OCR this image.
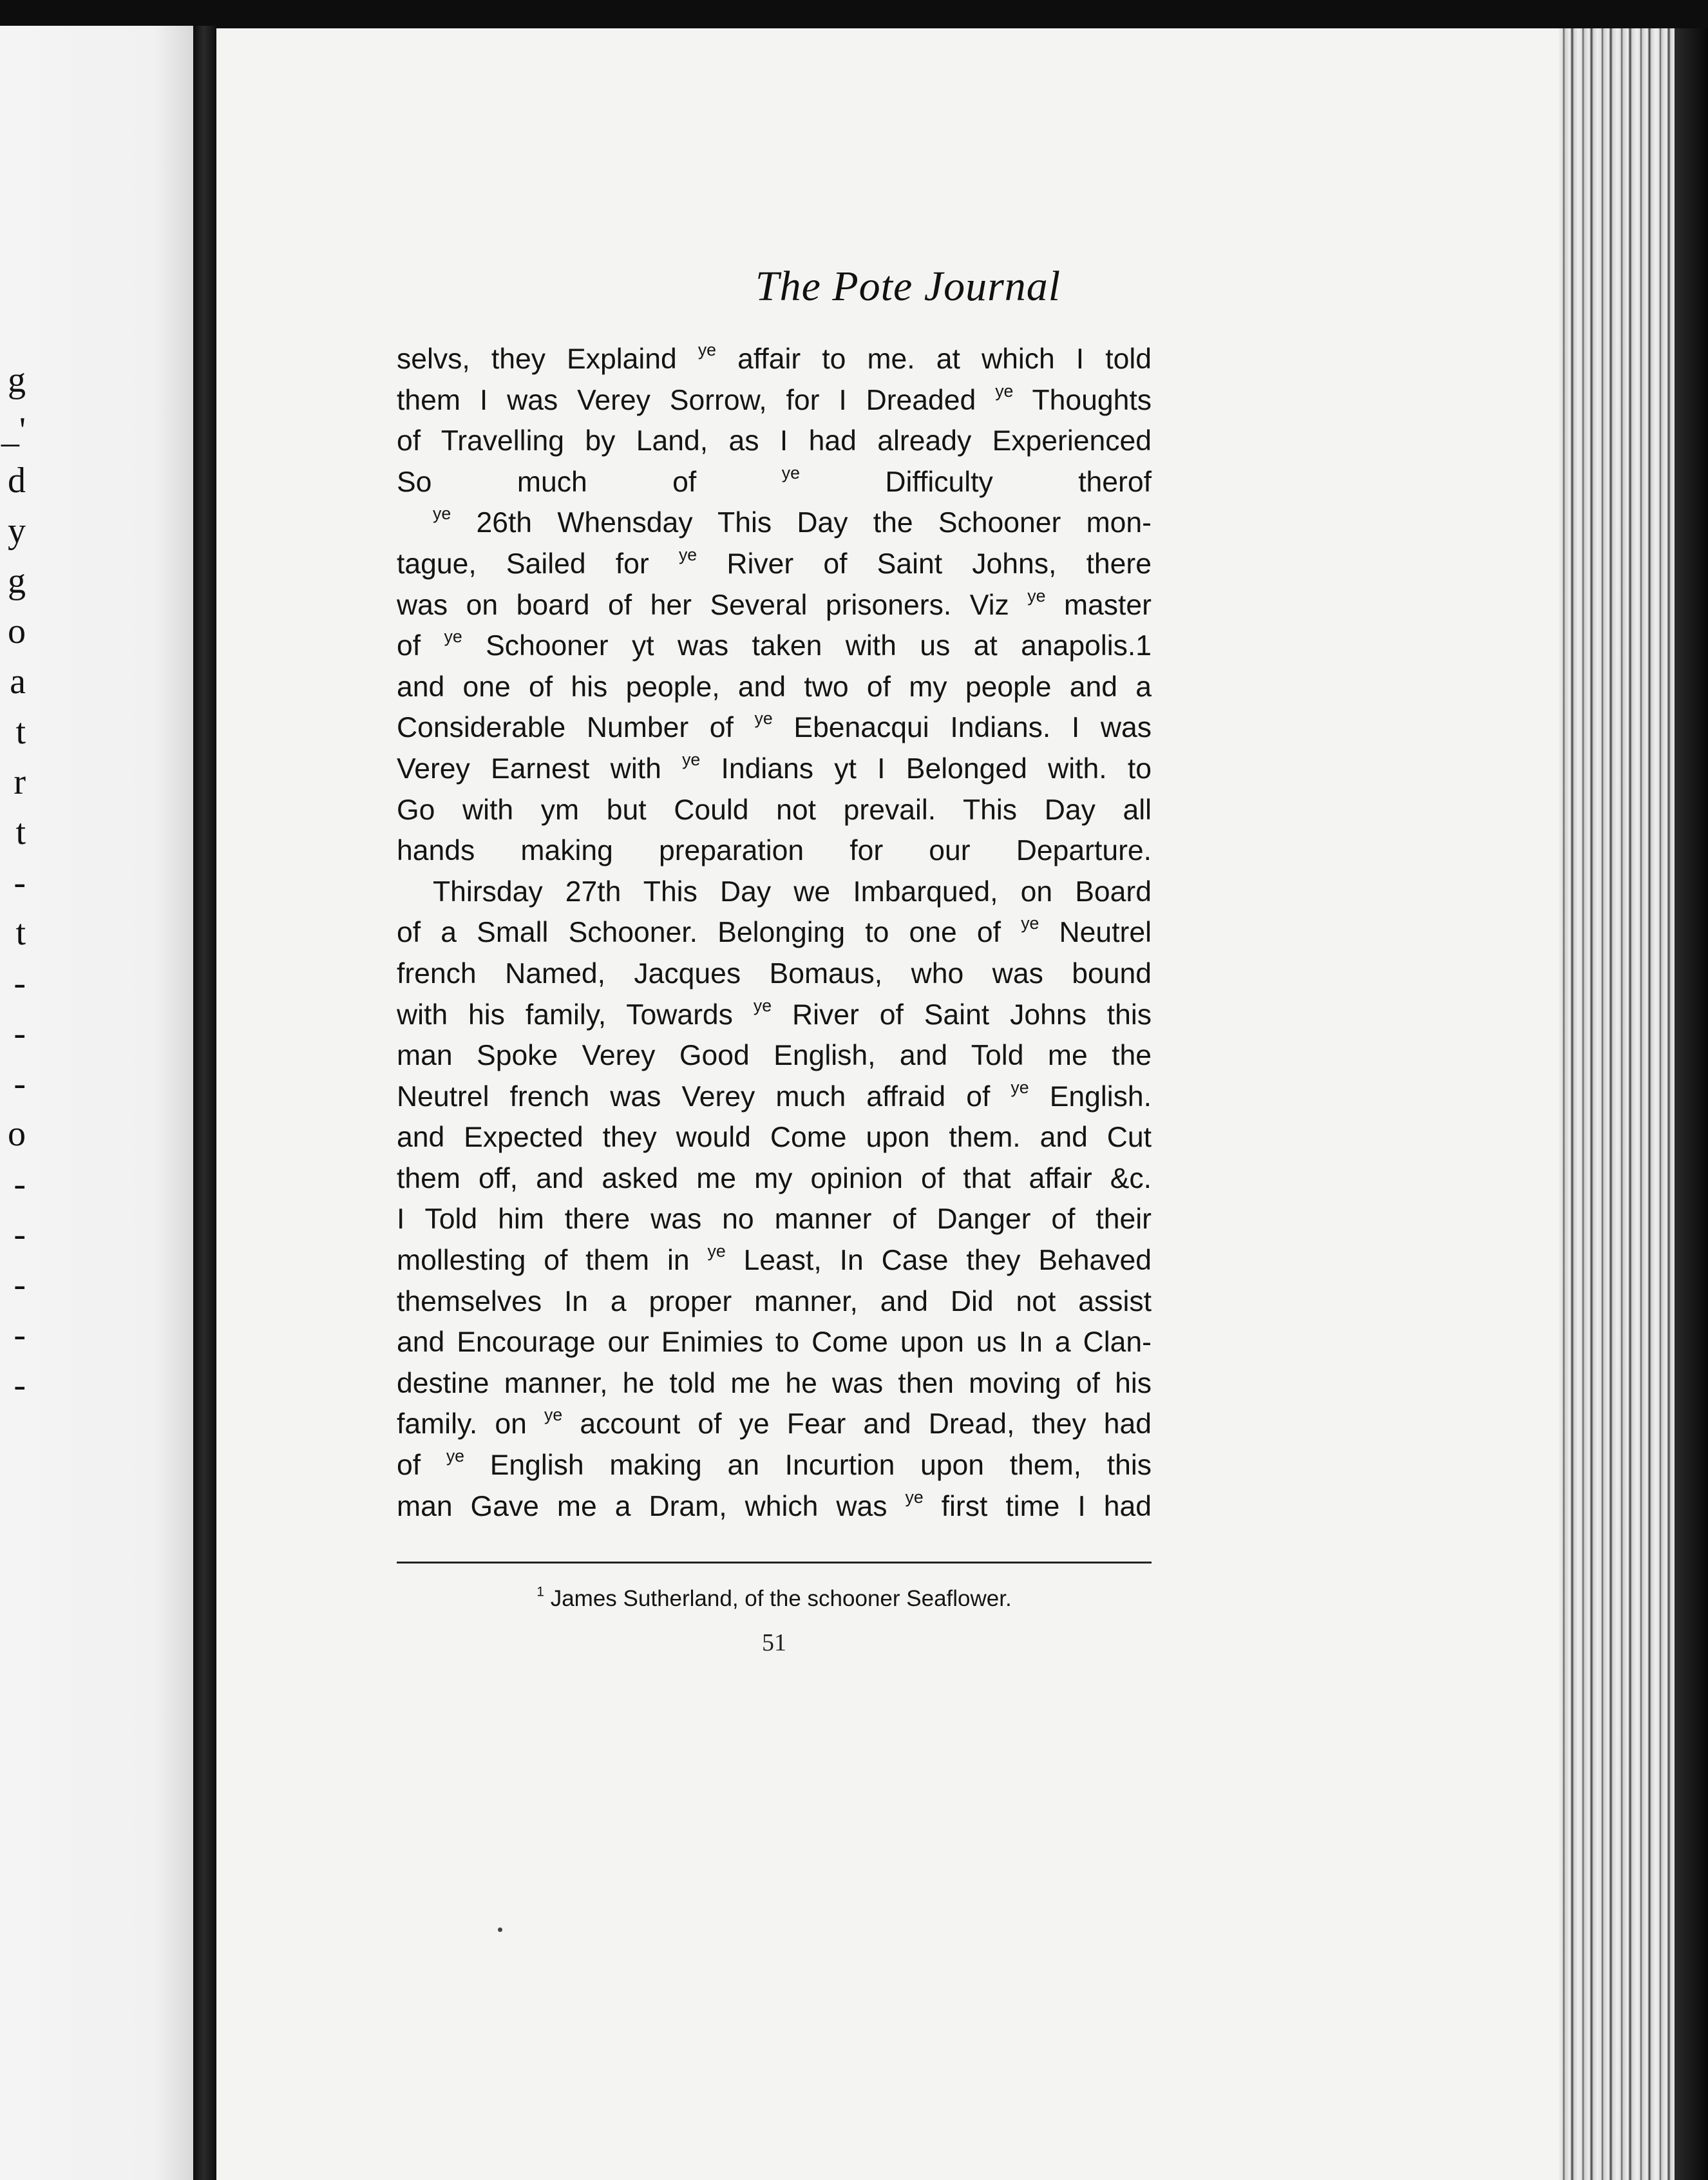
g
_'
d
y
g
o
a
t
r
t
-
t
-
-
-
o
-
-
-
-
-
The Pote Journal
selvs, they Explaind $^{ye}$ affair to me. at which I told
them I was Verey Sorrow, for I Dreaded $^{ye}$ Thoughts
of Travelling by Land, as I had already Experienced
So much of $^{ye}$ Difficulty therof
$^{ye}$ 26th Whensday This Day the Schooner mon-
tague, Sailed for $^{ye}$ River of Saint Johns, there
was on board of her Several prisoners. Viz $^{ye}$ master
of $^{ye}$ Schooner yt was taken with us at anapolis.1
and one of his people, and two of my people and a
Considerable Number of $^{ye}$ Ebenacqui Indians. I was
Verey Earnest with $^{ye}$ Indians yt I Belonged with. to
Go with ym but Could not prevail. This Day all
hands making preparation for our Departure.
Thirsday 27th This Day we Imbarqued, on Board
of a Small Schooner. Belonging to one of $^{ye}$ Neutrel
french Named, Jacques Bomaus, who was bound
with his family, Towards $^{ye}$ River of Saint Johns this
man Spoke Verey Good English, and Told me the
Neutrel french was Verey much affraid of $^{ye}$ English.
and Expected they would Come upon them. and Cut
them off, and asked me my opinion of that affair &c.
I Told him there was no manner of Danger of their
mollesting of them in $^{ye}$ Least, In Case they Behaved
themselves In a proper manner, and Did not assist
and Encourage our Enimies to Come upon us In a Clan-
destine manner, he told me he was then moving of his
family. on $^{ye}$ account of ye Fear and Dread, they had
of $^{ye}$ English making an Incurtion upon them, this
man Gave me a Dram, which was $^{ye}$ first time I had
$^1$ James Sutherland, of the schooner Seaflower.
51
